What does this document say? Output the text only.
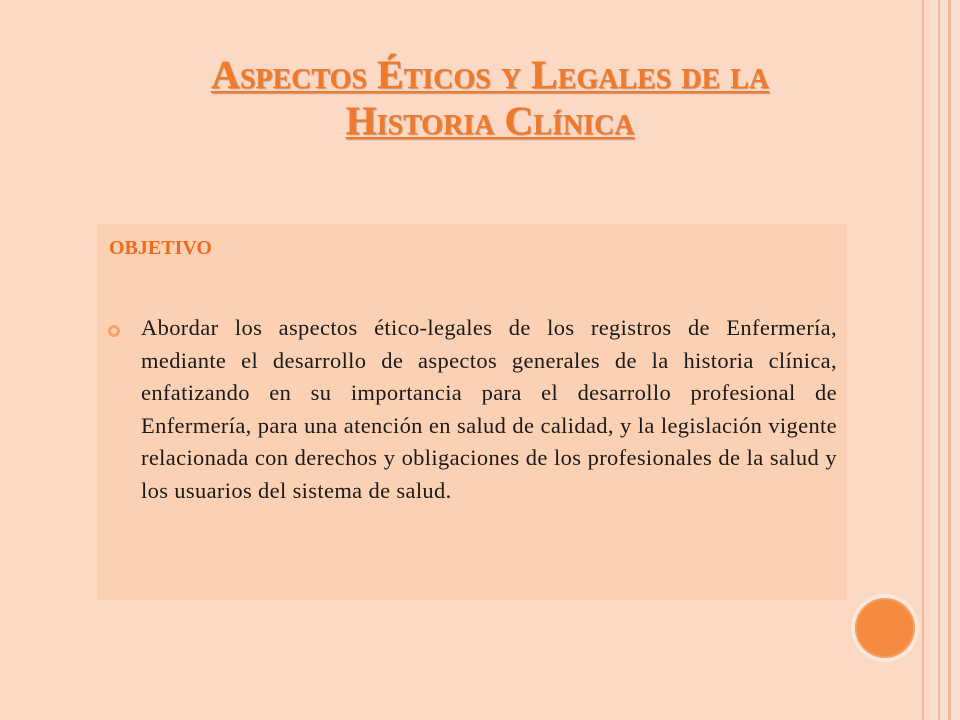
Aspectos Éticos y Legales de la
Historia Clínica
OBJETIVO

Abordar los aspectos ético-legales de los registros de Enfermería, mediante el desarrollo de aspectos generales de la historia clínica, enfatizando en su importancia para el desarrollo profesional de Enfermería, para una atención en salud de calidad, y la legislación vigente relacionada con derechos y obligaciones de los profesionales de la salud y los usuarios del sistema de salud.
